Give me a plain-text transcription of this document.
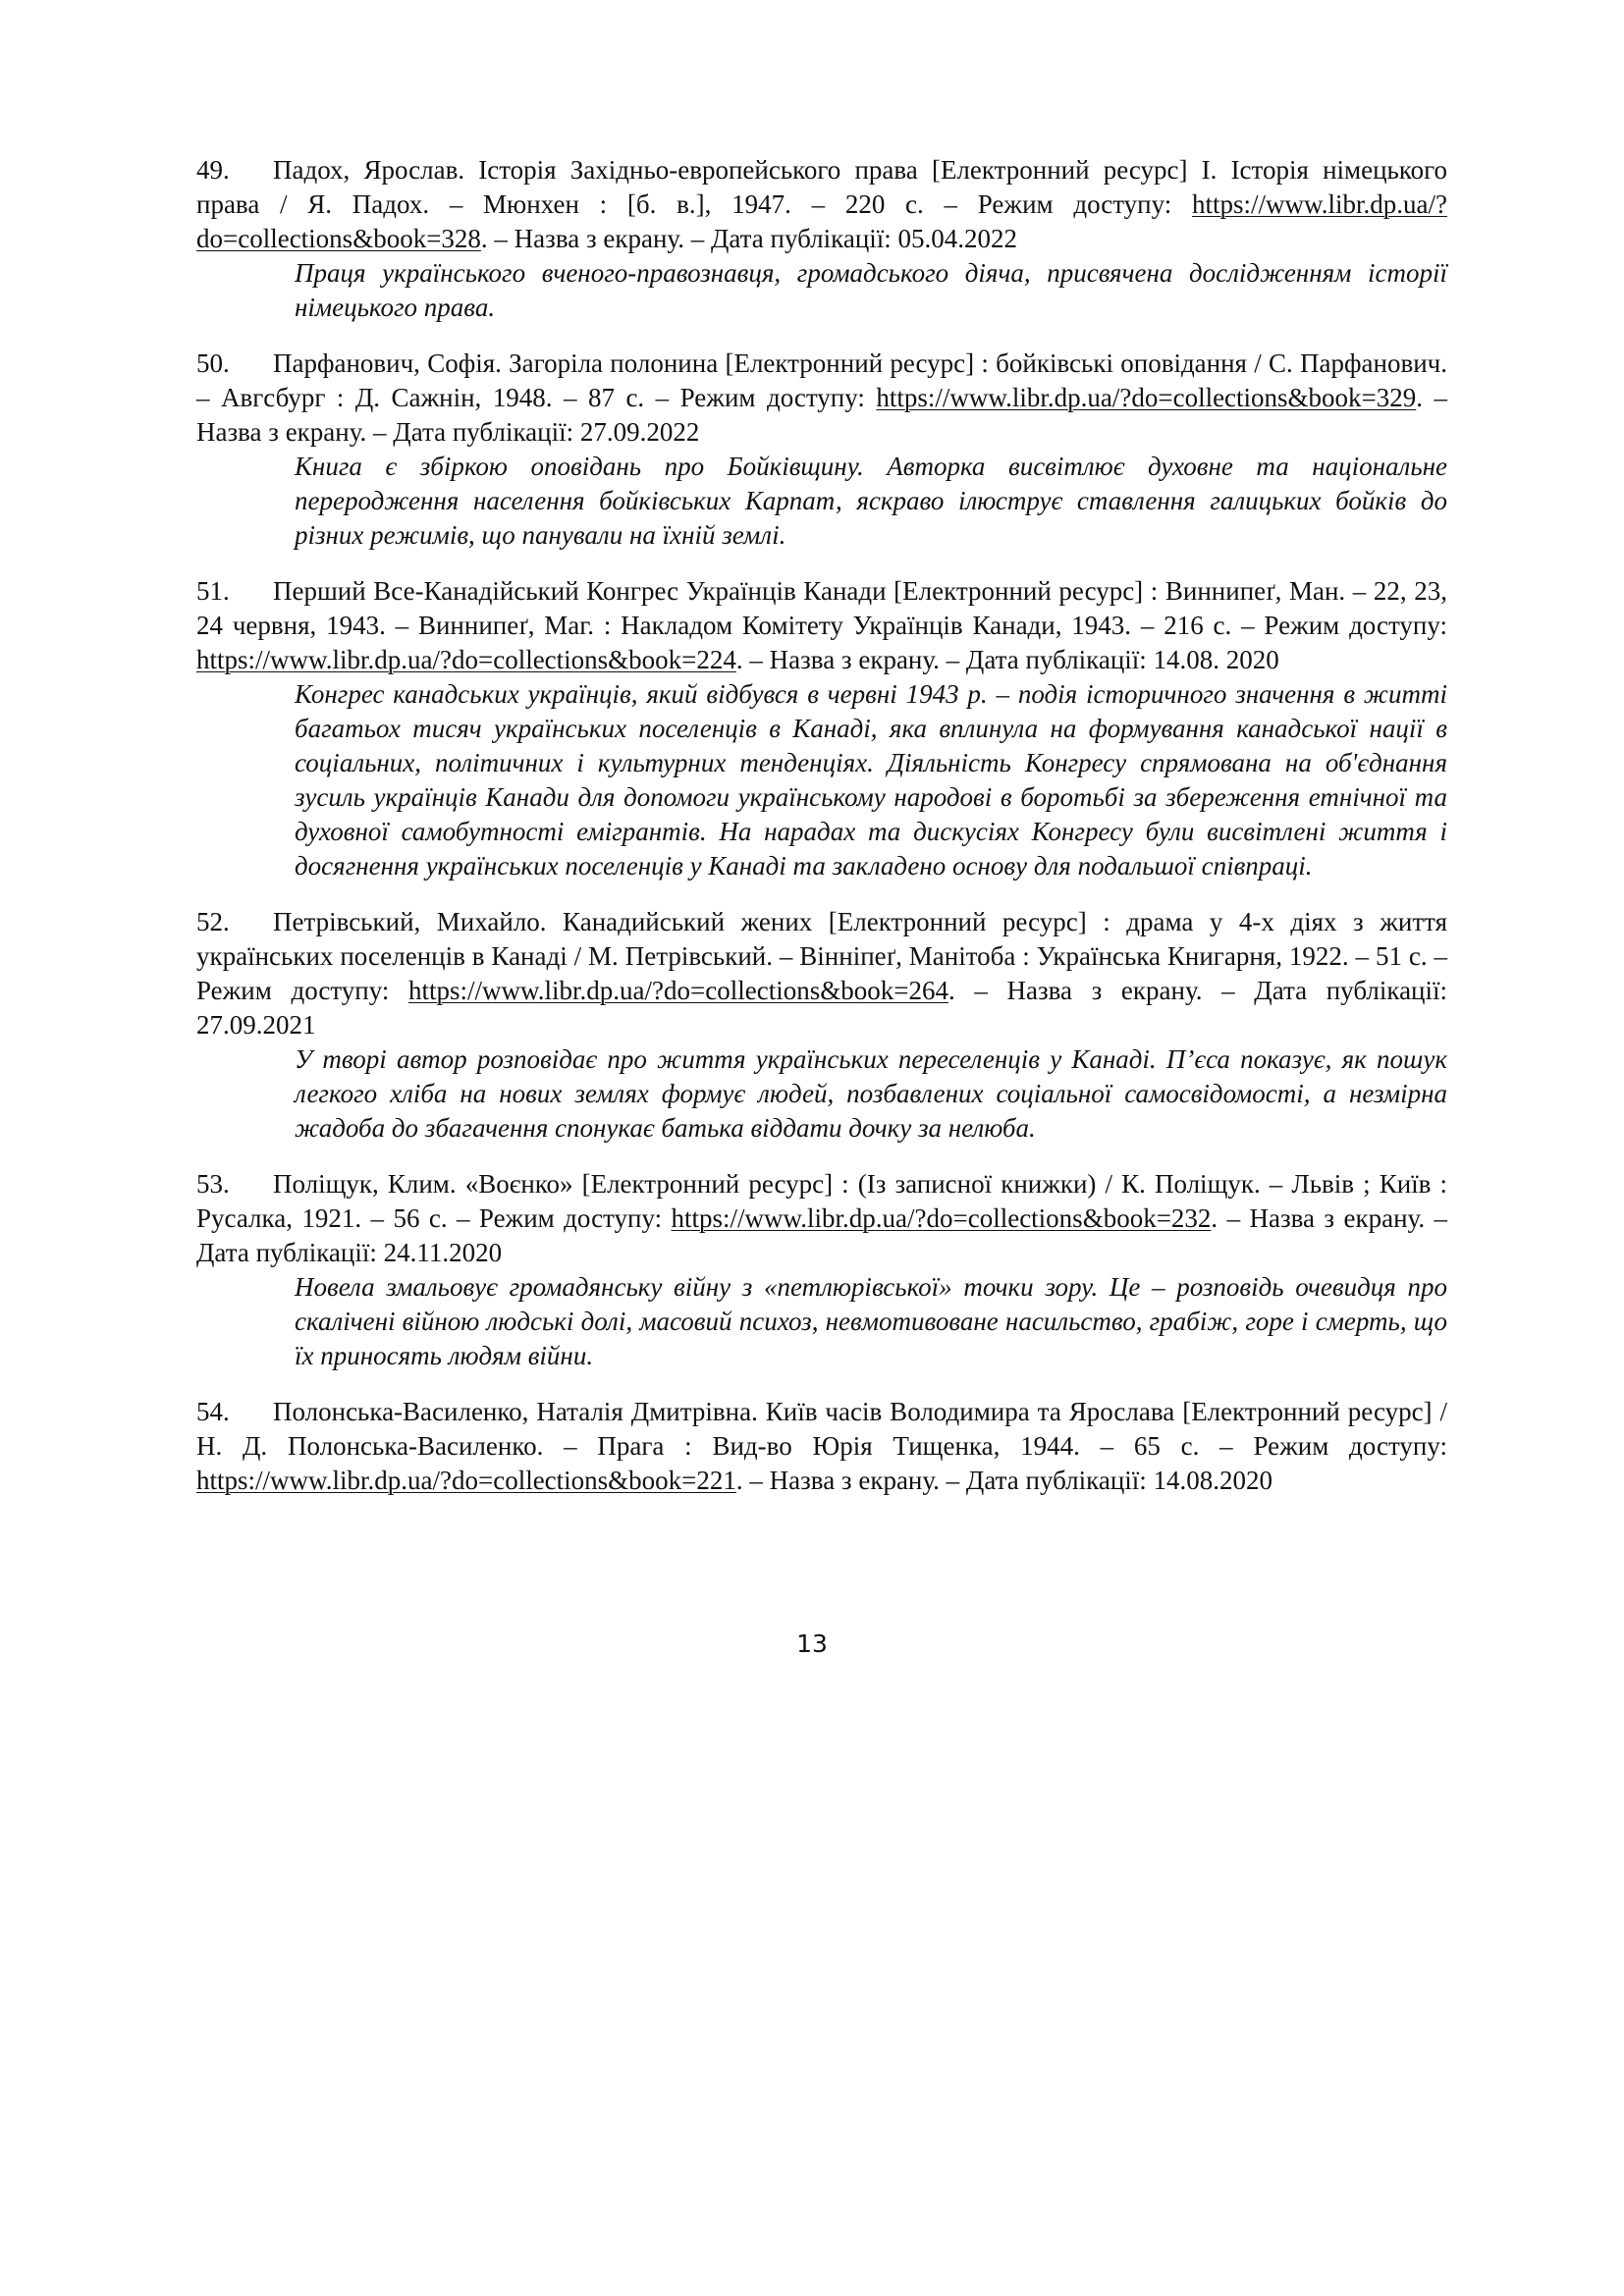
49. Падох, Ярослав. Історія Західньо-европейського права [Електронний ресурс] I. Історія німецького права / Я. Падох. – Мюнхен : [б. в.], 1947. – 220 с. – Режим доступу: https://www.libr.dp.ua/?do=collections&book=328. – Назва з екрану. – Дата публікації: 05.04.2022

Праця українського вченого-правознавця, громадського діяча, присвячена дослідженням історії німецького права.

50. Парфанович, Софія. Загоріла полонина [Електронний ресурс] : бойківські оповідання / С. Парфанович. – Авгсбург : Д. Сажнін, 1948. – 87 с. – Режим доступу: https://www.libr.dp.ua/?do=collections&book=329. – Назва з екрану. – Дата публікації: 27.09.2022

Книга є збіркою оповідань про Бойківщину. Авторка висвітлює духовне та національне переродження населення бойківських Карпат, яскраво ілюструє ставлення галицьких бойків до різних режимів, що панували на їхній землі.

51. Перший Все-Канадійський Конгрес Українців Канади [Електронний ресурс] : Виннипеґ, Ман. – 22, 23, 24 червня, 1943. – Виннипеґ, Маг. : Накладом Комітету Українців Канади, 1943. – 216 с. – Режим доступу: https://www.libr.dp.ua/?do=collections&book=224. – Назва з екрану. – Дата публікації: 14.08. 2020

Конгрес канадських українців, який відбувся в червні 1943 р. – подія історичного значення в житті багатьох тисяч українських поселенців в Канаді, яка вплинула на формування канадської нації в соціальних, політичних і культурних тенденціях. Діяльність Конгресу спрямована на об'єднання зусиль українців Канади для допомоги українському народові в боротьбі за збереження етнічної та духовної самобутності емігрантів. На нарадах та дискусіях Конгресу були висвітлені життя і досягнення українських поселенців у Канаді та закладено основу для подальшої співпраці.

52. Петрівський, Михайло. Канадийський жених [Електронний ресурс] : драма у 4-х діях з життя українських поселенців в Канаді / М. Петрівський. – Вінніпеґ, Манітоба : Українська Книгарня, 1922. – 51 с. – Режим доступу: https://www.libr.dp.ua/?do=collections&book=264. – Назва з екрану. – Дата публікації: 27.09.2021

У творі автор розповідає про життя українських переселенців у Канаді. П’єса показує, як пошук легкого хліба на нових землях формує людей, позбавлених соціальної самосвідомості, а незмірна жадоба до збагачення спонукає батька віддати дочку за нелюба.

53. Поліщук, Клим. «Воєнко» [Електронний ресурс] : (Із записної книжки) / К. Поліщук. – Львів ; Київ : Русалка, 1921. – 56 с. – Режим доступу: https://www.libr.dp.ua/?do=collections&book=232. – Назва з екрану. – Дата публікації: 24.11.2020

Новела змальовує громадянську війну з «петлюрівської» точки зору. Це – розповідь очевидця про скалічені війною людські долі, масовий психоз, невмотивоване насильство, грабіж, горе і смерть, що їх приносять людям війни.

54. Полонська-Василенко, Наталія Дмитрівна. Київ часів Володимира та Ярослава [Електронний ресурс] / Н. Д. Полонська-Василенко. – Прага : Вид-во Юрія Тищенка, 1944. – 65 с. – Режим доступу: https://www.libr.dp.ua/?do=collections&book=221. – Назва з екрану. – Дата публікації: 14.08.2020

13
